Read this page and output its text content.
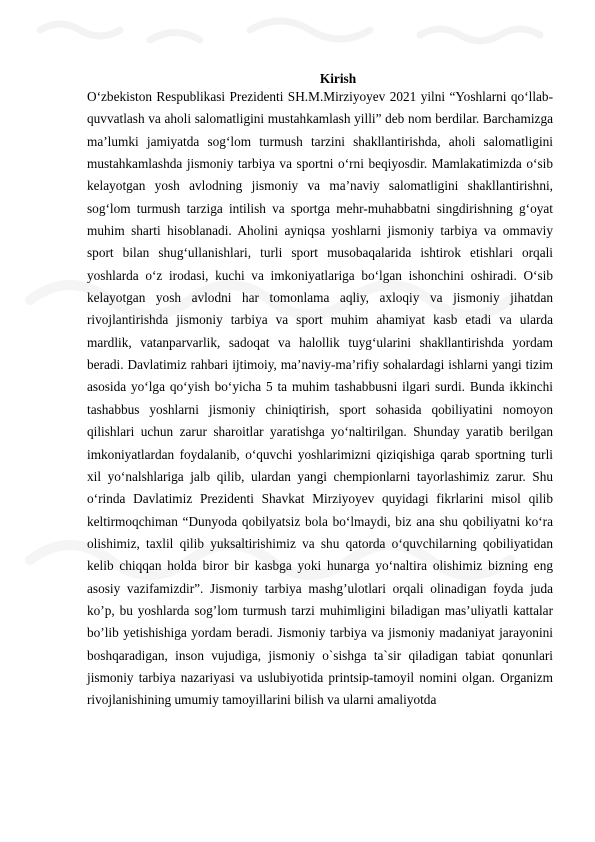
Kirish

O‘zbekiston Respublikasi Prezidenti SH.M.Mirziyoyev 2021 yilni “Yoshlarni qo‘llab-quvvatlash va aholi salomatligini mustahkamlash yilli” deb nom berdilar. Barchamizga ma’lumki jamiyatda sog‘lom turmush tarzini shakllantirishda, aholi salomatligini mustahkamlashda jismoniy tarbiya va sportni o‘rni beqiyosdir. Mamlakatimizda o‘sib kelayotgan yosh avlodning jismoniy va ma’naviy salomatligini shakllantirishni, sog‘lom turmush tarziga intilish va sportga mehr-muhabbatni singdirishning g‘oyat muhim sharti hisoblanadi. Aholini ayniqsa yoshlarni jismoniy tarbiya va ommaviy sport bilan shug‘ullanishlari, turli sport musobaqalarida ishtirok etishlari orqali yoshlarda o‘z irodasi, kuchi va imkoniyatlariga bo‘lgan ishonchini oshiradi. O‘sib kelayotgan yosh avlodni har tomonlama aqliy, axloqiy va jismoniy jihatdan rivojlantirishda jismoniy tarbiya va sport muhim ahamiyat kasb etadi va ularda mardlik, vatanparvarlik, sadoqat va halollik tuyg‘ularini shakllantirishda yordam beradi. Davlatimiz rahbari ijtimoiy, ma’naviy-ma’rifiy sohalardagi ishlarni yangi tizim asosida yo‘lga qo‘yish bo‘yicha 5 ta muhim tashabbusni ilgari surdi. Bunda ikkinchi tashabbus yoshlarni jismoniy chiniqtirish, sport sohasida qobiliyatini nomoyon qilishlari uchun zarur sharoitlar yaratishga yo‘naltirilgan. Shunday yaratib berilgan imkoniyatlardan foydalanib, o‘quvchi yoshlarimizni qiziqishiga qarab sportning turli xil yo‘nalshlariga jalb qilib, ulardan yangi chempionlarni tayorlashimiz zarur. Shu o‘rinda Davlatimiz Prezidenti Shavkat Mirziyoyev quyidagi fikrlarini misol qilib keltirmoqchiman “Dunyoda qobilyatsiz bola bo‘lmaydi, biz ana shu qobiliyatni ko‘ra olishimiz, taxlil qilib yuksaltirishimiz va shu qatorda o‘quvchilarning qobiliyatidan kelib chiqqan holda biror bir kasbga yoki hunarga yo‘naltira olishimiz bizning eng asosiy vazifamizdir”. Jismoniy tarbiya mashg’ulotlari orqali olinadigan foyda juda ko’p, bu yoshlarda sog’lom turmush tarzi muhimligini biladigan mas’uliyatli kattalar bo’lib yetishishiga yordam beradi. Jismoniy tarbiya va jismoniy madaniyat jarayonini boshqaradigan, inson vujudiga, jismoniy o`sishga ta`sir qiladigan tabiat qonunlari jismoniy tarbiya nazariyasi va uslubiyotida printsip-tamoyil nomini olgan. Organizm rivojlanishining umumiy tamoyillarini bilish va ularni amaliyotda
